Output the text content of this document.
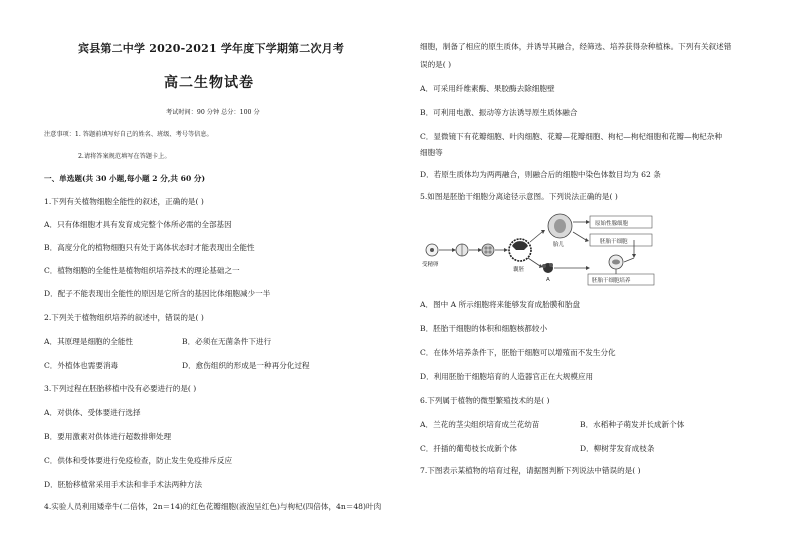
宾县第二中学 2020-2021 学年度下学期第二次月考
高二生物试卷
考试时间：90 分钟 总分：100 分
注意事项：1. 答题前填写好自己的姓名、班级、考号等信息。
2.请将答案规范填写在答题卡上。
一、单选题(共 30 小题,每小题 2 分,共 60 分)
1.下列有关植物细胞全能性的叙述，正确的是( )
A．只有体细胞才具有发育成完整个体所必需的全部基因
B．高度分化的植物细胞只有处于离体状态时才能表现出全能性
C．植物细胞的全能性是植物组织培养技术的理论基础之一
D．配子不能表现出全能性的原因是它所含的基因比体细胞减少一半
2.下列关于植物组织培养的叙述中，错误的是( )
A．其原理是细胞的全能性	B．必须在无菌条件下进行
C．外植体也需要消毒	D．愈伤组织的形成是一种再分化过程
3.下列过程在胚胎移植中没有必要进行的是( )
A．对供体、受体要进行选择
B．要用激素对供体进行超数排卵处理
C．供体和受体要进行免疫检查，防止发生免疫排斥反应
D．胚胎移植常采用手术法和非手术法两种方法
4.实验人员利用矮牵牛(二倍体，2n＝14)的红色花瓣细胞(液泡呈红色)与枸杞(四倍体，4n＝48)叶肉
细胞，制备了相应的原生质体，并诱导其融合，经筛选、培养获得杂种植株。下列有关叙述错
误的是( )
A．可采用纤维素酶、果胶酶去除细胞壁
B．可利用电激、振动等方法诱导原生质体融合
C．显微镜下有花瓣细胞、叶肉细胞、花瓣—花瓣细胞、枸杞—枸杞细胞和花瓣—枸杞杂种
细胞等
D．若原生质体均为两两融合，则融合后的细胞中染色体数目均为 62 条
5.如图是胚胎干细胞分离途径示意图。下列说法正确的是( )
受精卵
囊胚
A
胎儿
原始性腺细胞
胚胎干细胞
胚胎干细胞培养
A．图中 A 所示细胞将来能够发育成胎膜和胎盘
B．胚胎干细胞的体积和细胞核都较小
C．在体外培养条件下，胚胎干细胞可以增殖而不发生分化
D．利用胚胎干细胞培育的人造器官正在大规模应用
6.下列属于植物的微型繁殖技术的是( )
A．兰花的茎尖组织培育成兰花幼苗	B．水稻种子萌发并长成新个体
C．扦插的葡萄枝长成新个体	D．柳树芽发育成枝条
7.下图表示某植物的培育过程，请据图判断下列说法中错误的是( )
